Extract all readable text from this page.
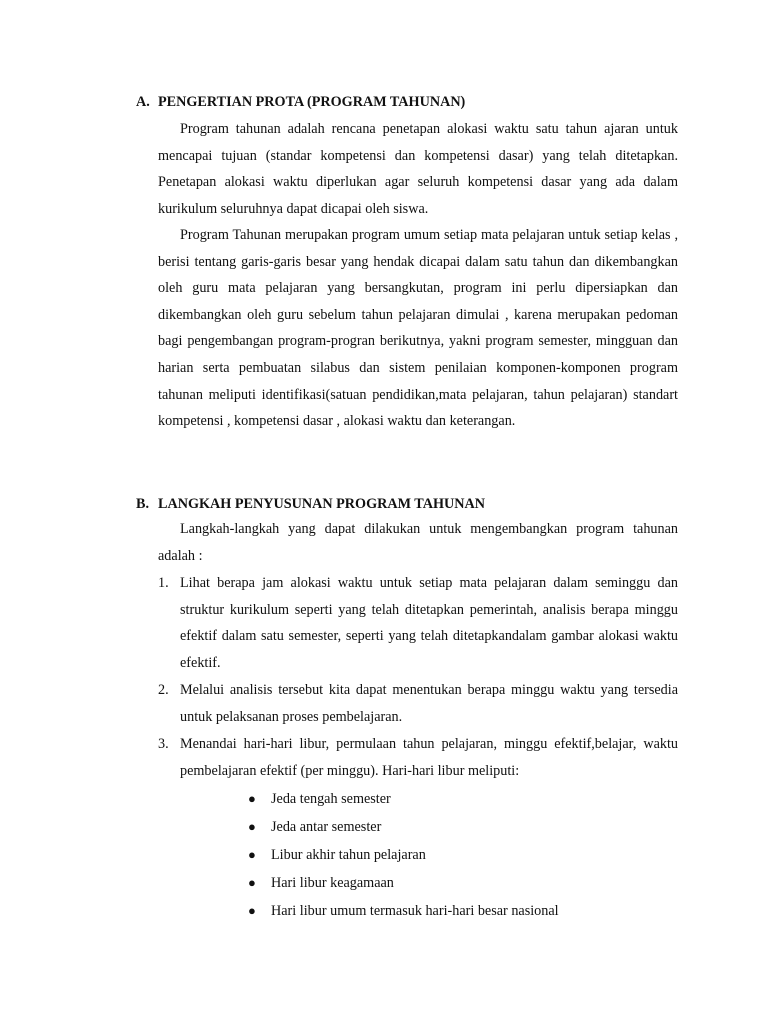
A. PENGERTIAN PROTA (PROGRAM TAHUNAN)

Program tahunan adalah rencana penetapan alokasi waktu satu tahun ajaran untuk mencapai tujuan (standar kompetensi dan kompetensi dasar) yang telah ditetapkan. Penetapan alokasi waktu diperlukan agar seluruh kompetensi dasar yang ada dalam kurikulum seluruhnya dapat dicapai oleh siswa.

Program Tahunan merupakan program umum setiap mata pelajaran untuk setiap kelas , berisi tentang garis-garis besar yang hendak dicapai dalam satu tahun dan dikembangkan oleh guru mata pelajaran yang bersangkutan, program ini perlu dipersiapkan dan dikembangkan oleh guru sebelum tahun pelajaran dimulai , karena merupakan pedoman bagi pengembangan program-progran berikutnya, yakni program semester, mingguan dan harian serta pembuatan silabus dan sistem penilaian komponen-komponen program tahunan meliputi identifikasi(satuan pendidikan,mata pelajaran, tahun pelajaran) standart kompetensi , kompetensi dasar , alokasi waktu dan keterangan.

B. LANGKAH PENYUSUNAN PROGRAM TAHUNAN

Langkah-langkah yang dapat dilakukan untuk mengembangkan program tahunan adalah :

1. Lihat berapa jam alokasi waktu untuk setiap mata pelajaran dalam seminggu dan struktur kurikulum seperti yang telah ditetapkan pemerintah, analisis berapa minggu efektif dalam satu semester, seperti yang telah ditetapkandalam gambar alokasi waktu efektif.
2. Melalui analisis tersebut kita dapat menentukan berapa minggu waktu yang tersedia untuk pelaksanan proses pembelajaran.
3. Menandai hari-hari libur, permulaan tahun pelajaran, minggu efektif,belajar, waktu pembelajaran efektif (per minggu). Hari-hari libur meliputi:
● Jeda tengah semester
● Jeda antar semester
● Libur akhir tahun pelajaran
● Hari libur keagamaan
● Hari libur umum termasuk hari-hari besar nasional
